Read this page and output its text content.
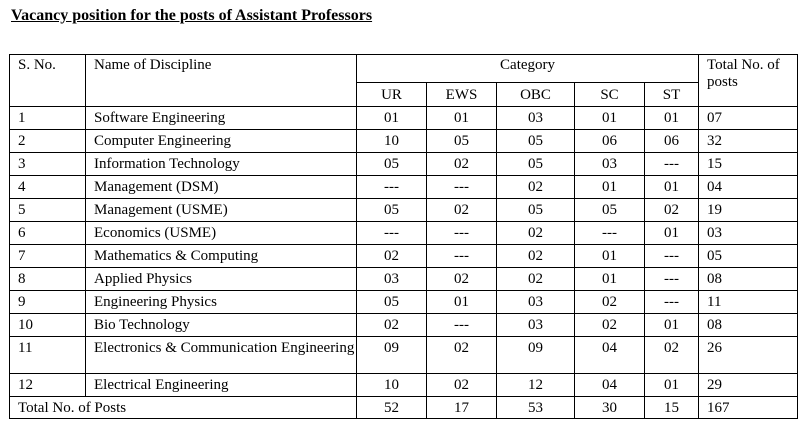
Vacancy position for the posts of Assistant Professors
S. No.	Name of Discipline	Category					Total No. of posts
		UR	EWS	OBC	SC	ST	
1	Software Engineering	01	01	03	01	01	07
2	Computer Engineering	10	05	05	06	06	32
3	Information Technology	05	02	05	03	---	15
4	Management (DSM)	---	---	02	01	01	04
5	Management (USME)	05	02	05	05	02	19
6	Economics (USME)	---	---	02	---	01	03
7	Mathematics & Computing	02	---	02	01	---	05
8	Applied Physics	03	02	02	01	---	08
9	Engineering Physics	05	01	03	02	---	11
10	Bio Technology	02	---	03	02	01	08
11	Electronics & Communication Engineering	09	02	09	04	02	26
12	Electrical Engineering	10	02	12	04	01	29
Total No. of Posts		52	17	53	30	15	167
